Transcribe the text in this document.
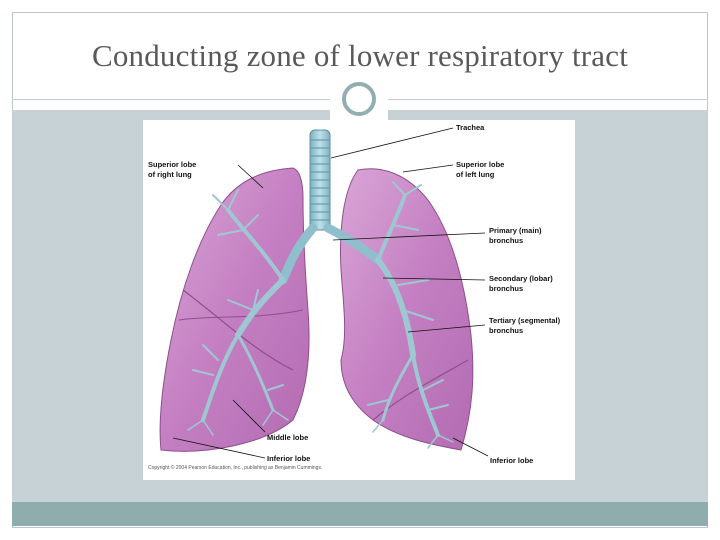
Conducting zone of lower respiratory tract
Trachea
Superior lobe
of right lung
Superior lobe
of left lung
Primary (main)
bronchus
Secondary (lobar)
bronchus
Tertiary (segmental)
bronchus
Middle lobe
Inferior lobe	Inferior lobe
Copyright © 2004 Pearson Education, Inc., publishing as Benjamin Cummings.
